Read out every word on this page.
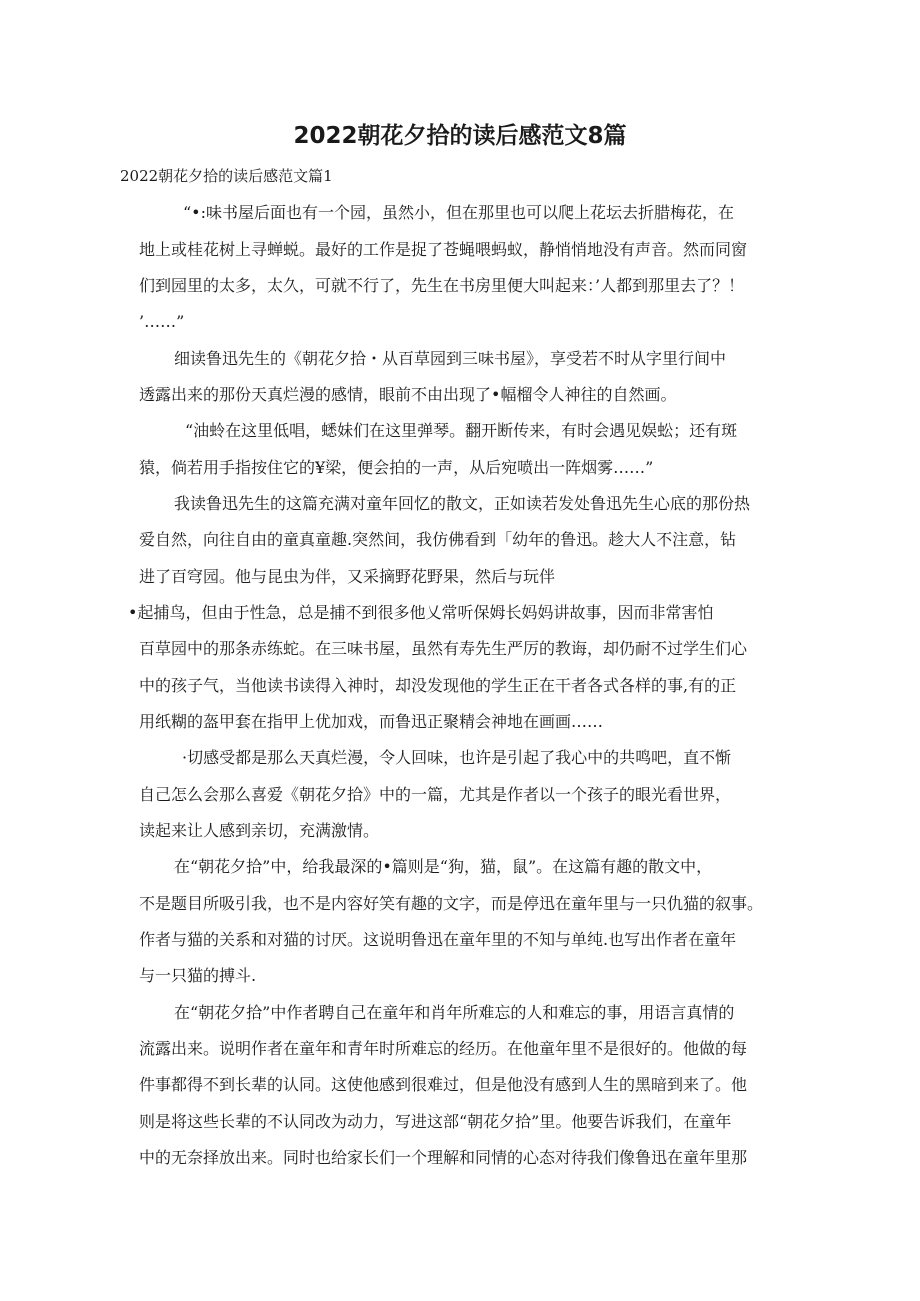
2022朝花夕拾的读后感范文8篇

2022朝花夕拾的读后感范文篇1

“•:味书屋后面也有一个园，虽然小，但在那里也可以爬上花坛去折腊梅花，在

地上或桂花树上寻蝉蜕。最好的工作是捉了苍蝇喂蚂蚁，静悄悄地没有声音。然而同窗

们到园里的太多，太久，可就不行了，先生在书房里便大叫起来：’人都到那里去了？！

’……”

细读鲁迅先生的《朝花夕拾・从百草园到三味书屋》，享受若不时从字里行间中

透露出来的那份天真烂漫的感情，眼前不由出现了•幅榴令人神往的自然画。

“油蛉在这里低唱，蟋妹们在这里弹琴。翻开断传来，有时会遇见娱蚣；还有斑

猿，倘若用手指按住它的¥梁，便会拍的一声，从后宛喷出一阵烟雾……”

我读鲁迅先生的这篇充满对童年回忆的散文，正如读若发处鲁迅先生心底的那份热

爱自然，向往自由的童真童趣.突然间，我仿佛看到「幼年的鲁迅。趁大人不注意，钻

进了百穹园。他与昆虫为伴，又采摘野花野果，然后与玩伴

•起捕鸟，但由于性急，总是捕不到很多他乂常听保姆长妈妈讲故事，因而非常害怕

百草园中的那条赤练蛇。在三味书屋，虽然有寿先生严厉的教诲，却仍耐不过学生们心

中的孩子气，当他读书读得入神时，却没发现他的学生正在干者各式各样的事,有的正

用纸糊的盔甲套在指甲上优加戏，而鲁迅正聚精会神地在画画……

·切感受都是那么天真烂漫，令人回味，也许是引起了我心中的共鸣吧，直不惭

自己怎么会那么喜爱《朝花夕拾》中的一篇，尤其是作者以一个孩子的眼光看世界，

读起来让人感到亲切，充满激情。

在“朝花夕拾”中，给我最深的•篇则是“狗，猫，鼠”。在这篇有趣的散文中，

不是题目所吸引我，也不是内容好笑有趣的文字，而是停迅在童年里与一只仇猫的叙事。

作者与猫的关系和对猫的讨厌。这说明鲁迅在童年里的不知与单纯.也写出作者在童年

与一只猫的搏斗.

在“朝花夕拾”中作者聘自己在童年和肖年所难忘的人和难忘的事，用语言真情的

流露出来。说明作者在童年和青年时所难忘的经历。在他童年里不是很好的。他做的每

件事都得不到长辈的认同。这使他感到很难过，但是他没有感到人生的黑暗到来了。他

则是将这些长辈的不认同改为动力，写进这部“朝花夕拾”里。他要告诉我们，在童年

中的无奈择放出来。同时也给家长们一个理解和同情的心态对待我们像鲁迅在童年里那
